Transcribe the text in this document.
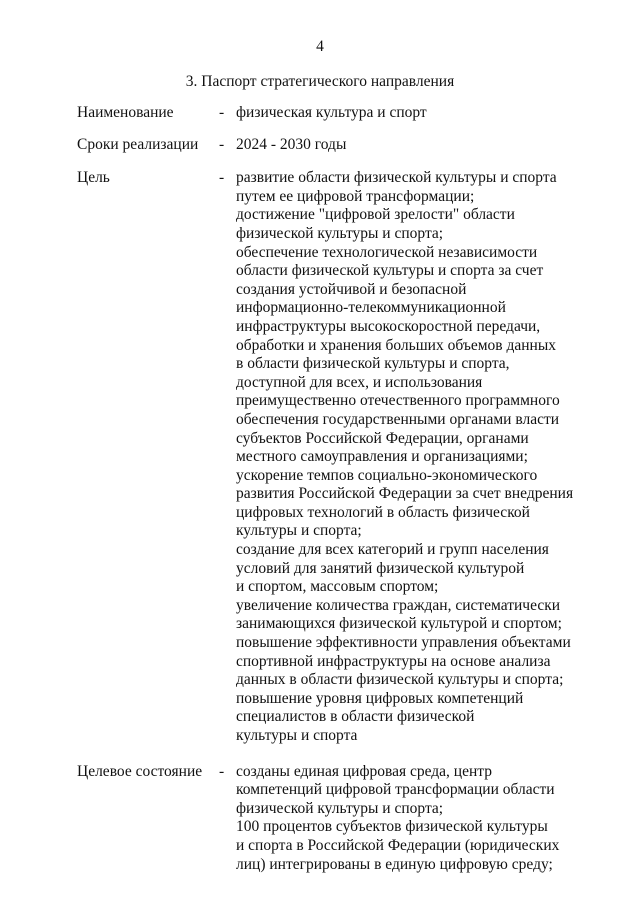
4
3. Паспорт стратегического направления
Наименование	- физическая культура и спорт
Сроки реализации	- 2024 - 2030 годы
Цель	- развитие области физической культуры и спорта
путем ее цифровой трансформации;
достижение "цифровой зрелости" области
физической культуры и спорта;
обеспечение технологической независимости
области физической культуры и спорта за счет
создания устойчивой и безопасной
информационно-телекоммуникационной
инфраструктуры высокоскоростной передачи,
обработки и хранения больших объемов данных
в области физической культуры и спорта,
доступной для всех, и использования
преимущественно отечественного программного
обеспечения государственными органами власти
субъектов Российской Федерации, органами
местного самоуправления и организациями;
ускорение темпов социально-экономического
развития Российской Федерации за счет внедрения
цифровых технологий в область физической
культуры и спорта;
создание для всех категорий и групп населения
условий для занятий физической культурой
и спортом, массовым спортом;
увеличение количества граждан, систематически
занимающихся физической культурой и спортом;
повышение эффективности управления объектами
спортивной инфраструктуры на основе анализа
данных в области физической культуры и спорта;
повышение уровня цифровых компетенций
специалистов в области физической
культуры и спорта
Целевое состояние	- созданы единая цифровая среда, центр
компетенций цифровой трансформации области
физической культуры и спорта;
100 процентов субъектов физической культуры
и спорта в Российской Федерации (юридических
лиц) интегрированы в единую цифровую среду;
